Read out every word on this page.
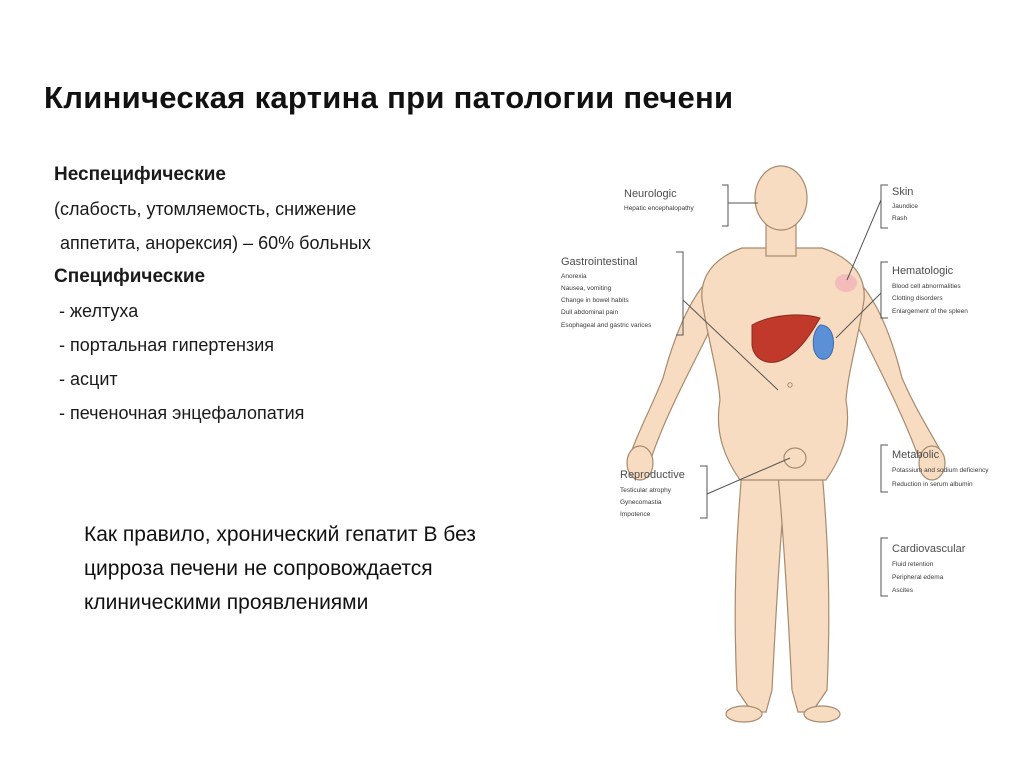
Клиническая картина при патологии печени
Неспецифические
(слабость, утомляемость, снижение
аппетита, анорексия) – 60% больных
Специфические
- желтуха
- портальная гипертензия
- асцит
- печеночная энцефалопатия
Как правило, хронический гепатит В без цирроза печени не сопровождается клиническими проявлениями
Neurologic
Hepatic encephalopathy
Gastrointestinal
Anorexia
Nausea, vomiting
Change in bowel habits
Dull abdominal pain
Esophageal and gastric varices
Reproductive
Testicular atrophy
Gynecomastia
Impotence
Skin
Jaundice
Rash
Hematologic
Blood cell abnormalities
Clotting disorders
Enlargement of the spleen
Metabolic
Potassium and sodium deficiency
Reduction in serum albumin
Cardiovascular
Fluid retention
Peripheral edema
Ascites
